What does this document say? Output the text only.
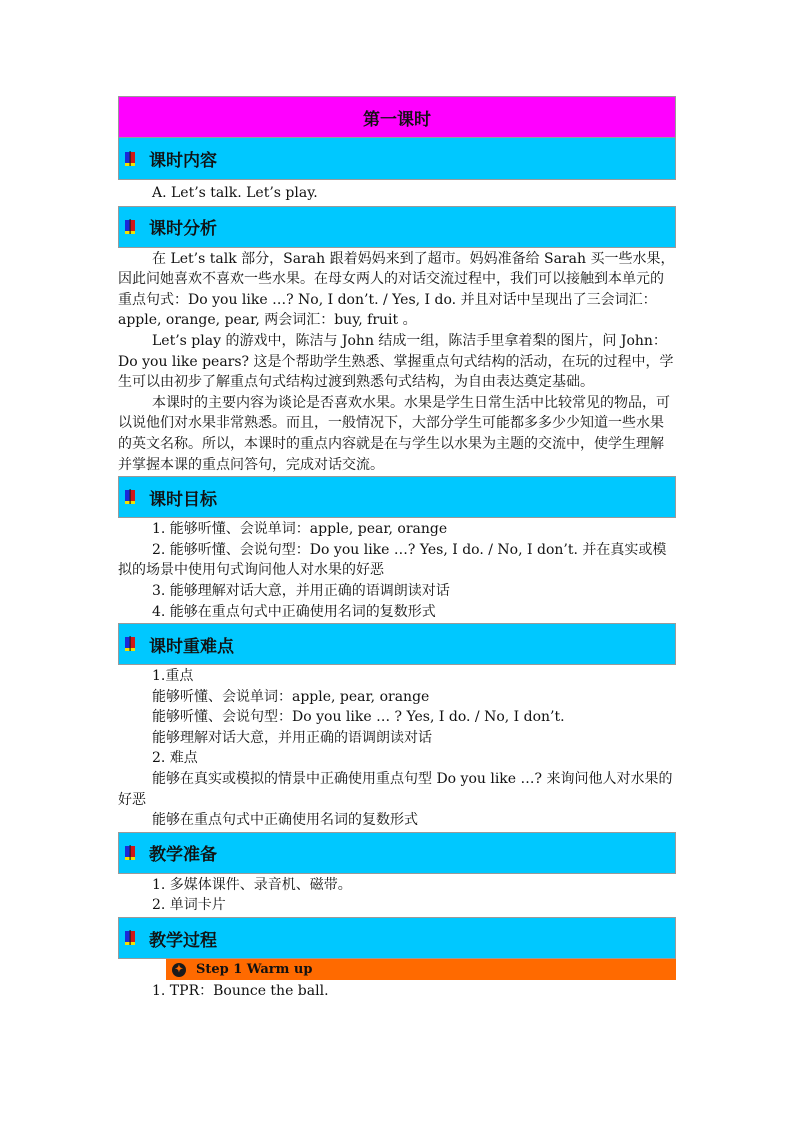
第一课时
课时内容

A. Let’s talk. Let’s play.

课时分析

在 Let’s talk 部分，Sarah 跟着妈妈来到了超市。妈妈准备给 Sarah 买一些水果，因此问她喜欢不喜欢一些水果。在母女两人的对话交流过程中，我们可以接触到本单元的重点句式：Do you like …? No, I don’t. / Yes, I do. 并且对话中呈现出了三会词汇：apple, orange, pear, 两会词汇：buy, fruit 。

Let’s play 的游戏中，陈洁与 John 结成一组，陈洁手里拿着梨的图片，问 John：Do you like pears? 这是个帮助学生熟悉、掌握重点句式结构的活动，在玩的过程中，学生可以由初步了解重点句式结构过渡到熟悉句式结构，为自由表达奠定基础。

本课时的主要内容为谈论是否喜欢水果。水果是学生日常生活中比较常见的物品，可以说他们对水果非常熟悉。而且，一般情况下，大部分学生可能都多多少少知道一些水果的英文名称。所以，本课时的重点内容就是在与学生以水果为主题的交流中，使学生理解并掌握本课的重点问答句，完成对话交流。

课时目标

1. 能够听懂、会说单词：apple, pear, orange

2. 能够听懂、会说句型：Do you like …? Yes, I do. / No, I don’t. 并在真实或模拟的场景中使用句式询问他人对水果的好恶

3. 能够理解对话大意，并用正确的语调朗读对话

4. 能够在重点句式中正确使用名词的复数形式

课时重难点

1.重点

能够听懂、会说单词：apple, pear, orange

能够听懂、会说句型：Do you like … ? Yes, I do. / No, I don’t.

能够理解对话大意，并用正确的语调朗读对话

2. 难点

能够在真实或模拟的情景中正确使用重点句型 Do you like …? 来询问他人对水果的好恶

能够在重点句式中正确使用名词的复数形式

教学准备

1. 多媒体课件、录音机、磁带。

2. 单词卡片

教学过程
✦ Step 1 Warm up

1. TPR：Bounce the ball.
